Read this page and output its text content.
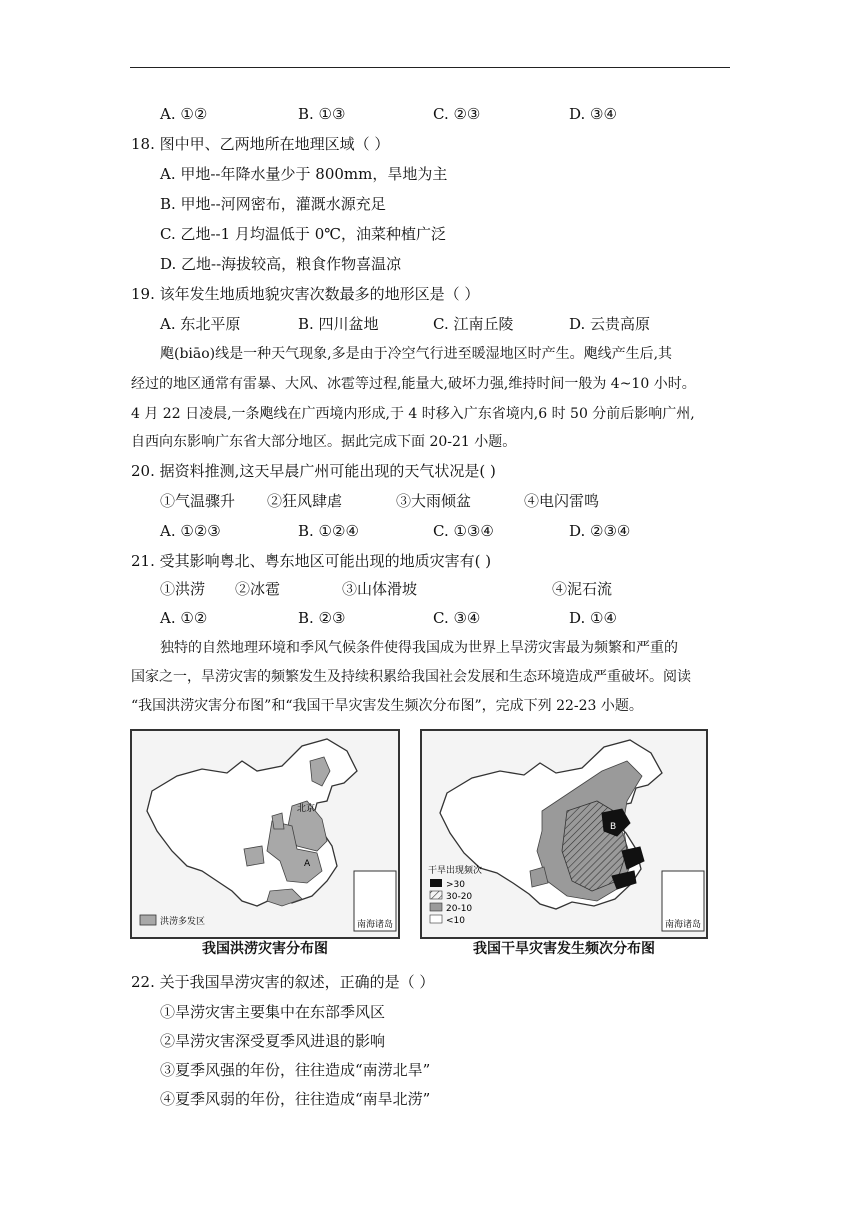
A. ①②	B. ①③	C. ②③	D. ③④
18. 图中甲、乙两地所在地理区域（ ）
A. 甲地--年降水量少于 800mm，旱地为主
B. 甲地--河网密布，灌溉水源充足
C. 乙地--1 月均温低于 0℃，油菜种植广泛
D. 乙地--海拔较高，粮食作物喜温凉
19. 该年发生地质地貌灾害次数最多的地形区是（ ）
A. 东北平原	B. 四川盆地	C. 江南丘陵	D. 云贵高原
飑(biāo)线是一种天气现象,多是由于冷空气行进至暖湿地区时产生。飑线产生后,其
经过的地区通常有雷暴、大风、冰雹等过程,能量大,破坏力强,维持时间一般为 4~10 小时。
4 月 22 日凌晨,一条飑线在广西境内形成,于 4 时移入广东省境内,6 时 50 分前后影响广州,
自西向东影响广东省大部分地区。据此完成下面 20-21 小题。
20. 据资料推测,这天早晨广州可能出现的天气状况是( )
①气温骤升 ②狂风肆虐	③大雨倾盆	④电闪雷鸣
A. ①②③	B. ①②④	C. ①③④	D. ②③④
21. 受其影响粤北、粤东地区可能出现的地质灾害有( )
①洪涝 ②冰雹	③山体滑坡	④泥石流
A. ①②	B. ②③	C. ③④	D. ①④
独特的自然地理环境和季风气候条件使得我国成为世界上旱涝灾害最为频繁和严重的
国家之一，旱涝灾害的频繁发生及持续积累给我国社会发展和生态环境造成严重破坏。阅读
“我国洪涝灾害分布图”和“我国干旱灾害发生频次分布图”，完成下列 22-23 小题。
南海诸岛
北京
A
洪涝多发区
我国洪涝灾害分布图
B
南海诸岛
干旱出现频次
>30
30-20
20-10
<10
我国干旱灾害发生频次分布图
22. 关于我国旱涝灾害的叙述，正确的是（ ）
①旱涝灾害主要集中在东部季风区
②旱涝灾害深受夏季风进退的影响
③夏季风强的年份，往往造成“南涝北旱”
④夏季风弱的年份，往往造成“南旱北涝”
